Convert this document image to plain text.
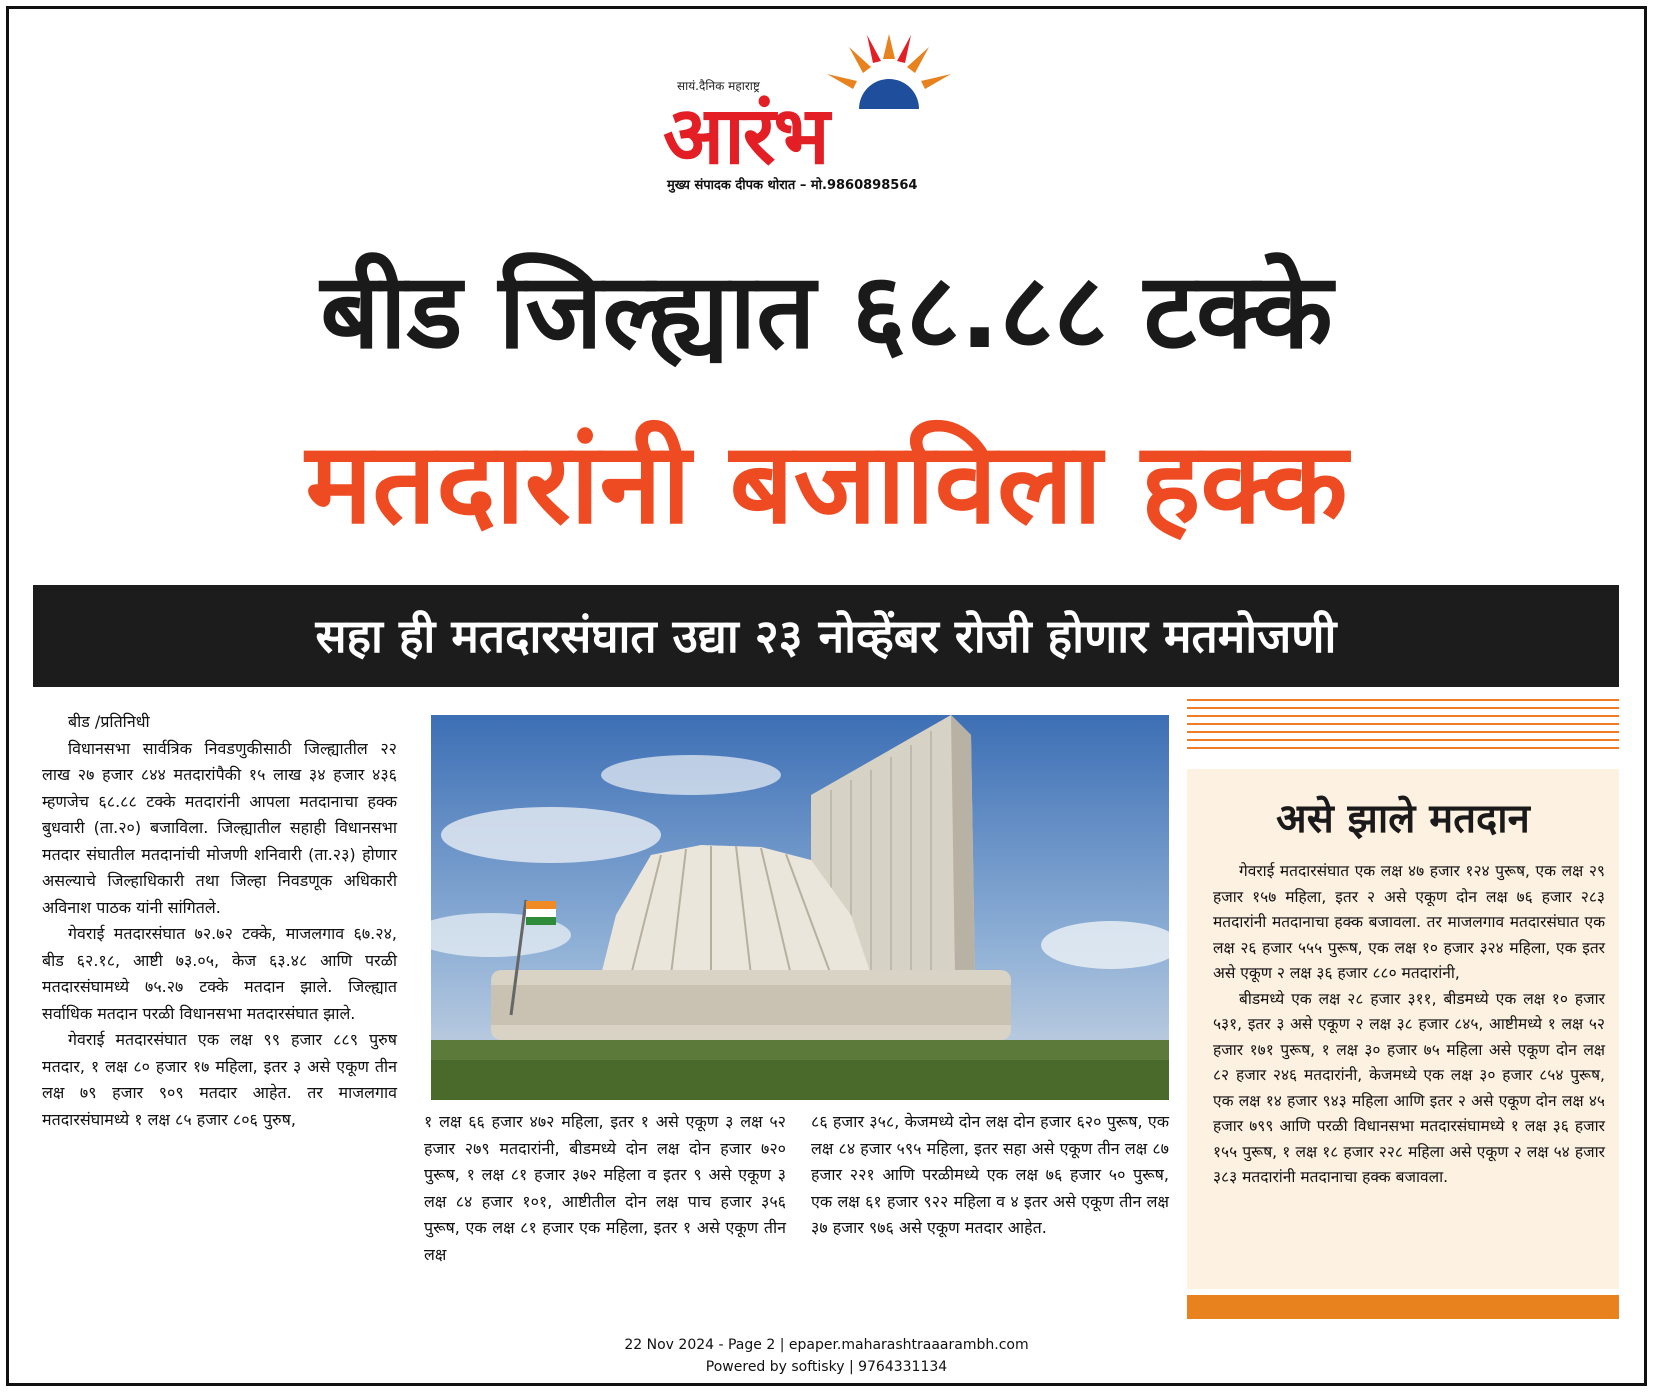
सायं.दैनिक महाराष्ट्र
आरंभ
मुख्य संपादक दीपक थोरात – मो.9860898564
बीड जिल्ह्यात ६८.८८ टक्के
मतदारांनी बजाविला हक्क
सहा ही मतदारसंघात उद्या २३ नोव्हेंबर रोजी होणार मतमोजणी

बीड /प्रतिनिधी

विधानसभा सार्वत्रिक निवडणुकीसाठी जिल्ह्यातील २२ लाख २७ हजार ८४४ मतदारांपैकी १५ लाख ३४ हजार ४३६ म्हणजेच ६८.८८ टक्के मतदारांनी आपला मतदानाचा हक्क बुधवारी (ता.२०) बजाविला. जिल्ह्यातील सहाही विधानसभा मतदार संघातील मतदानांची मोजणी शनिवारी (ता.२३) होणार असल्याचे जिल्हाधिकारी तथा जिल्हा निवडणूक अधिकारी अविनाश पाठक यांनी सांगितले.

गेवराई मतदारसंघात ७२.७२ टक्के, माजलगाव ६७.२४, बीड ६२.१८, आष्टी ७३.०५, केज ६३.४८ आणि परळी मतदारसंघामध्ये ७५.२७ टक्के मतदान झाले. जिल्ह्यात सर्वाधिक मतदान परळी विधानसभा मतदारसंघात झाले.

गेवराई मतदारसंघात एक लक्ष ९९ हजार ८८९ पुरुष मतदार, १ लक्ष ८० हजार १७ महिला, इतर ३ असे एकूण तीन लक्ष ७९ हजार ९०९ मतदार आहेत. तर माजलगाव मतदारसंघामध्ये १ लक्ष ८५ हजार ८०६ पुरुष,	१ लक्ष ६६ हजार ४७२ महिला, इतर १ असे एकूण ३ लक्ष ५२ हजार २७९ मतदारांनी, बीडमध्ये दोन लक्ष दोन हजार ७२० पुरूष, १ लक्ष ८१ हजार ३७२ महिला व इतर ९ असे एकूण ३ लक्ष ८४ हजार १०१, आष्टीतील दोन लक्ष पाच हजार ३५६ पुरूष, एक लक्ष ८१ हजार एक महिला, इतर १ असे एकूण तीन लक्ष

८६ हजार ३५८, केजमध्ये दोन लक्ष दोन हजार ६२० पुरूष, एक लक्ष ८४ हजार ५९५ महिला, इतर सहा असे एकूण तीन लक्ष ८७ हजार २२१ आणि परळीमध्ये एक लक्ष ७६ हजार ५० पुरूष, एक लक्ष ६१ हजार ९२२ महिला व ४ इतर असे एकूण तीन लक्ष ३७ हजार ९७६ असे एकूण मतदार आहेत.

असे झाले मतदान

गेवराई मतदारसंघात एक लक्ष ४७ हजार १२४ पुरूष, एक लक्ष २९ हजार १५७ महिला, इतर २ असे एकूण दोन लक्ष ७६ हजार २८३ मतदारांनी मतदानाचा हक्क बजावला. तर माजलगाव मतदारसंघात एक लक्ष २६ हजार ५५५ पुरूष, एक लक्ष १० हजार ३२४ महिला, एक इतर असे एकूण २ लक्ष ३६ हजार ८८० मतदारांनी,

बीडमध्ये एक लक्ष २८ हजार ३११, बीडमध्ये एक लक्ष १० हजार ५३१, इतर ३ असे एकूण २ लक्ष ३८ हजार ८४५, आष्टीमध्ये १ लक्ष ५२ हजार १७१ पुरूष, १ लक्ष ३० हजार ७५ महिला असे एकूण दोन लक्ष ८२ हजार २४६ मतदारांनी, केजमध्ये एक लक्ष ३० हजार ८५४ पुरूष, एक लक्ष १४ हजार ९४३ महिला आणि इतर २ असे एकूण दोन लक्ष ४५ हजार ७९९ आणि परळी विधानसभा मतदारसंघामध्ये १ लक्ष ३६ हजार १५५ पुरूष, १ लक्ष १८ हजार २२८ महिला असे एकूण २ लक्ष ५४ हजार ३८३ मतदारांनी मतदानाचा हक्क बजावला.

22 Nov 2024 - Page 2 | epaper.maharashtraaarambh.com
Powered by softisky | 9764331134
